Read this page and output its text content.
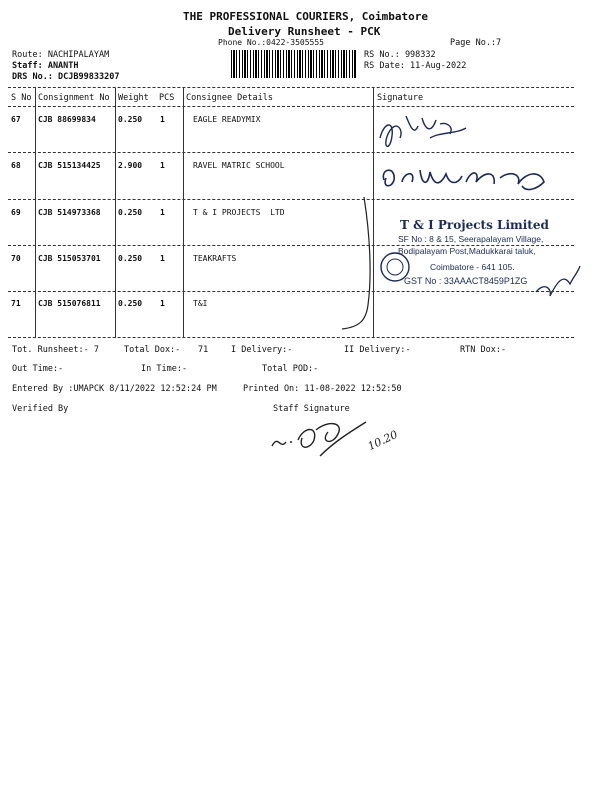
THE PROFESSIONAL COURIERS, Coimbatore
Delivery Runsheet - PCK
Phone No.:0422-3505555	Page No.:7
Route: NACHIPALAYAM
Staff: ANANTH
DRS No.: DCJB99833207
RS No.: 998332
RS Date: 11-Aug-2022
S No Consignment No Weight PCS Consignee Details	Signature
67 CJB 88699834	0.250 1	EAGLE READYMIX
68 CJB 515134425 2.900 1	RAVEL MATRIC SCHOOL
69 CJB 514973368 0.250 1	T & I PROJECTS  LTD
70 CJB 515053701 0.250 1	TEAKRAFTS
71 CJB 515076811 0.250 1	T&I
T & I Projects Limited
SF No : 8 & 15, Seerapalayam Village,
Bodipalayam Post,Madukkarai taluk,
Coimbatore - 641 105.
GST No : 33AAACT8459P1ZG
Tot. Runsheet:- 7	Total Dox:- 71	I Delivery:-	II Delivery:-	RTN Dox:-
Out Time:-	In Time:-	Total POD:-
Entered By :UMAPCK 8/11/2022 12:52:24 PM	Printed On: 11-08-2022 12:52:50
Verified By	Staff Signature
10.20
